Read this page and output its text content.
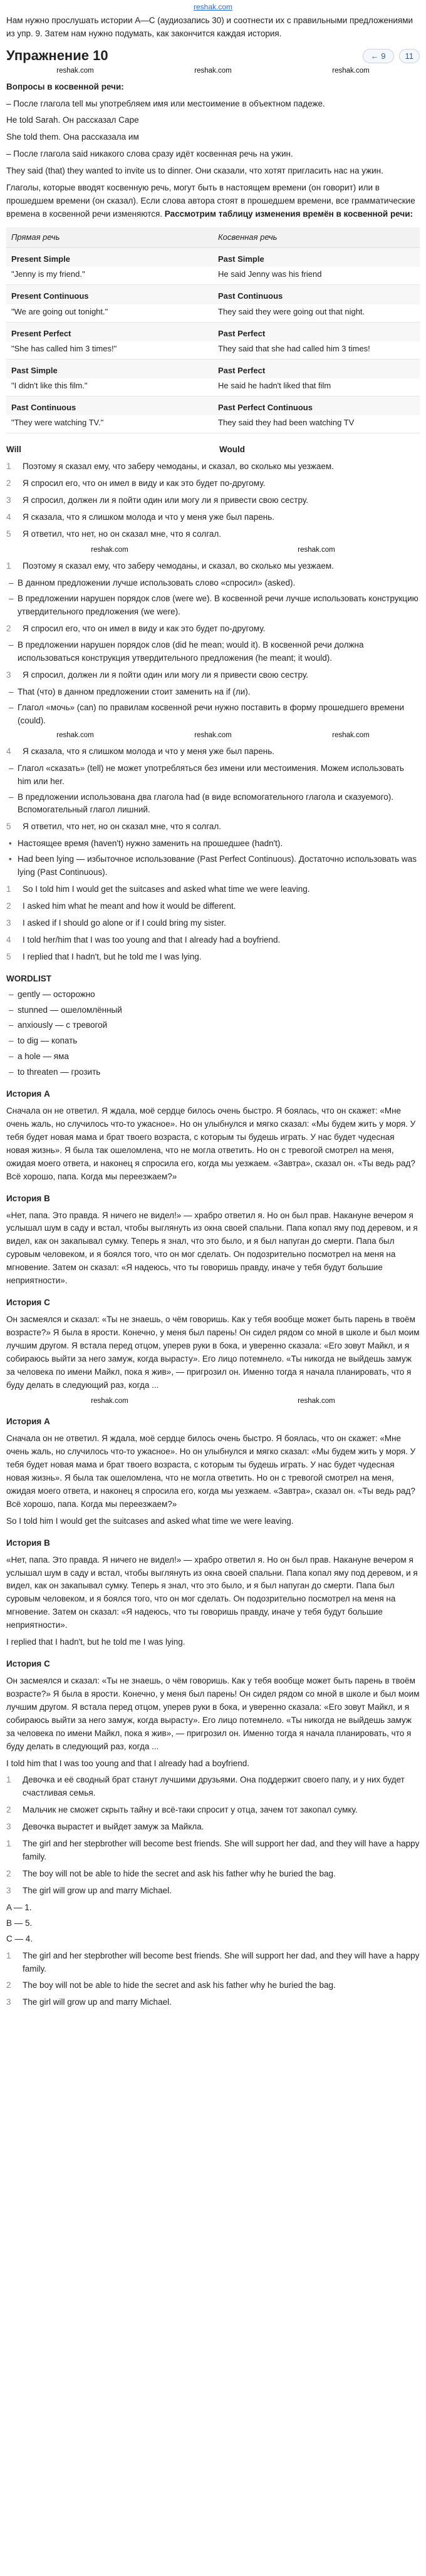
reshak.com

Нам нужно прослушать истории A—C (аудиозапись 30) и соотнести их с правильными предложениями из упр. 9. Затем нам нужно подумать, как закончится каждая история.

Упражнение 10	← 9	11
reshak.com	reshak.com	reshak.com

Вопросы в косвенной речи:

– После глагола tell мы употребляем имя или местоимение в объектном падеже.

He told Sarah. Он рассказал Саре

She told them. Она рассказала им

– После глагола said никакого слова сразу идёт косвенная речь на ужин.

They said (that) they wanted to invite us to dinner. Они сказали, что хотят пригласить нас на ужин.

Глаголы, которые вводят косвенную речь, могут быть в настоящем времени (он говорит) или в прошедшем времени (он сказал). Если слова автора стоят в прошедшем времени, все грамматические времена в косвенной речи изменяются. Рассмотрим таблицу изменения времён в косвенной речи:

Прямая речь	Косвенная речь
Present Simple	Past Simple
"Jenny is my friend."	He said Jenny was his friend
Present Continuous	Past Continuous
"We are going out tonight."	They said they were going out that night.
Present Perfect	Past Perfect
"She has called him 3 times!"	They said that she had called him 3 times!
Past Simple	Past Perfect
"I didn't like this film."	He said he hadn't liked that film
Past Continuous	Past Perfect Continuous
"They were watching TV."	They said they had been watching TV
Will	Would
1	Поэтому я сказал ему, что заберу чемоданы, и сказал, во сколько мы уезжаем.
2	Я спросил его, что он имел в виду и как это будет по-другому.
3	Я спросил, должен ли я пойти один или могу ли я привести свою сестру.
4	Я сказала, что я слишком молода и что у меня уже был парень.
5	Я ответил, что нет, но он сказал мне, что я солгал.
reshak.com	reshak.com
1	Поэтому я сказал ему, что заберу чемоданы, и сказал, во сколько мы уезжаем.
– В данном предложении лучше использовать слово «спросил» (asked).
– В предложении нарушен порядок слов (were we). В косвенной речи лучше использовать конструкцию утвердительного предложения (we were).
2	Я спросил его, что он имел в виду и как это будет по-другому.
– В предложении нарушен порядок слов (did he mean; would it). В косвенной речи должна использоваться конструкция утвердительного предложения (he meant; it would).
3	Я спросил, должен ли я пойти один или могу ли я привести свою сестру.
– That (что) в данном предложении стоит заменить на if (ли).
– Глагол «мочь» (can) по правилам косвенной речи нужно поставить в форму прошедшего времени (could).
reshak.com	reshak.com	reshak.com
4	Я сказала, что я слишком молода и что у меня уже был парень.
– Глагол «сказать» (tell) не может употребляться без имени или местоимения. Можем использовать him или her.
– В предложении использована два глагола had (в виде вспомогательного глагола и сказуемого). Вспомогательный глагол лишний.
5	Я ответил, что нет, но он сказал мне, что я солгал.
• Настоящее время (haven't) нужно заменить на прошедшее (hadn't).
• Had been lying — избыточное использование (Past Perfect Continuous). Достаточно использовать was lying (Past Continuous).
1	So I told him I would get the suitcases and asked what time we were leaving.
2	I asked him what he meant and how it would be different.
3	I asked if I should go alone or if I could bring my sister.
4	I told her/him that I was too young and that I already had a boyfriend.
5	I replied that I hadn't, but he told me I was lying.
WORDLIST
– gently — осторожно
– stunned — ошеломлённый
– anxiously — с тревогой
– to dig — копать
– a hole — яма
– to threaten — грозить
История A

Сначала он не ответил. Я ждала, моё сердце билось очень быстро. Я боялась, что он скажет: «Мне очень жаль, но случилось что-то ужасное». Но он улыбнулся и мягко сказал: «Мы будем жить у моря. У тебя будет новая мама и брат твоего возраста, с которым ты будешь играть. У нас будет чудесная новая жизнь». Я была так ошеломлена, что не могла ответить. Но он с тревогой смотрел на меня, ожидая моего ответа, и наконец я спросила его, когда мы уезжаем. «Завтра», сказал он. «Ты ведь рад? Всё хорошо, папа. Когда мы переезжаем?»

История B

«Нет, папа. Это правда. Я ничего не видел!» — храбро ответил я. Но он был прав. Накануне вечером я услышал шум в саду и встал, чтобы выглянуть из окна своей спальни. Папа копал яму под деревом, и я видел, как он закапывал сумку. Теперь я знал, что это было, и я был напуган до смерти. Папа был суровым человеком, и я боялся того, что он мог сделать. Он подозрительно посмотрел на меня на мгновение. Затем он сказал: «Я надеюсь, что ты говоришь правду, иначе у тебя будут большие неприятности».

История C

Он засмеялся и сказал: «Ты не знаешь, о чём говоришь. Как у тебя вообще может быть парень в твоём возрасте?» Я была в ярости. Конечно, у меня был парень! Он сидел рядом со мной в школе и был моим лучшим другом. Я встала перед отцом, уперев руки в бока, и уверенно сказала: «Его зовут Майкл, и я собираюсь выйти за него замуж, когда вырасту». Его лицо потемнело. «Ты никогда не выйдешь замуж за человека по имени Майкл, пока я жив», — пригрозил он. Именно тогда я начала планировать, что я буду делать в следующий раз, когда ...

reshak.com	reshak.com
История A

Сначала он не ответил. Я ждала, моё сердце билось очень быстро. Я боялась, что он скажет: «Мне очень жаль, но случилось что-то ужасное». Но он улыбнулся и мягко сказал: «Мы будем жить у моря. У тебя будет новая мама и брат твоего возраста, с которым ты будешь играть. У нас будет чудесная новая жизнь». Я была так ошеломлена, что не могла ответить. Но он с тревогой смотрел на меня, ожидая моего ответа, и наконец я спросила его, когда мы уезжаем. «Завтра», сказал он. «Ты ведь рад? Всё хорошо, папа. Когда мы переезжаем?»

So I told him I would get the suitcases and asked what time we were leaving.

История B

«Нет, папа. Это правда. Я ничего не видел!» — храбро ответил я. Но он был прав. Накануне вечером я услышал шум в саду и встал, чтобы выглянуть из окна своей спальни. Папа копал яму под деревом, и я видел, как он закапывал сумку. Теперь я знал, что это было, и я был напуган до смерти. Папа был суровым человеком, и я боялся того, что он мог сделать. Он подозрительно посмотрел на меня на мгновение. Затем он сказал: «Я надеюсь, что ты говоришь правду, иначе у тебя будут большие неприятности».

I replied that I hadn't, but he told me I was lying.

История C

Он засмеялся и сказал: «Ты не знаешь, о чём говоришь. Как у тебя вообще может быть парень в твоём возрасте?» Я была в ярости. Конечно, у меня был парень! Он сидел рядом со мной в школе и был моим лучшим другом. Я встала перед отцом, уперев руки в бока, и уверенно сказала: «Его зовут Майкл, и я собираюсь выйти за него замуж, когда вырасту». Его лицо потемнело. «Ты никогда не выйдешь замуж за человека по имени Майкл, пока я жив», — пригрозил он. Именно тогда я начала планировать, что я буду делать в следующий раз, когда ...

I told him that I was too young and that I already had a boyfriend.

1	Девочка и её сводный брат станут лучшими друзьями. Она поддержит своего папу, и у них будет счастливая семья.
2	Мальчик не сможет скрыть тайну и всё-таки спросит у отца, зачем тот закопал сумку.
3	Девочка вырастет и выйдет замуж за Майкла.
1	The girl and her stepbrother will become best friends. She will support her dad, and they will have a happy family.
2	The boy will not be able to hide the secret and ask his father why he buried the bag.
3	The girl will grow up and marry Michael.
A — 1.
B — 5.
C — 4.
1	The girl and her stepbrother will become best friends. She will support her dad, and they will have a happy family.
2	The boy will not be able to hide the secret and ask his father why he buried the bag.
3	The girl will grow up and marry Michael.
